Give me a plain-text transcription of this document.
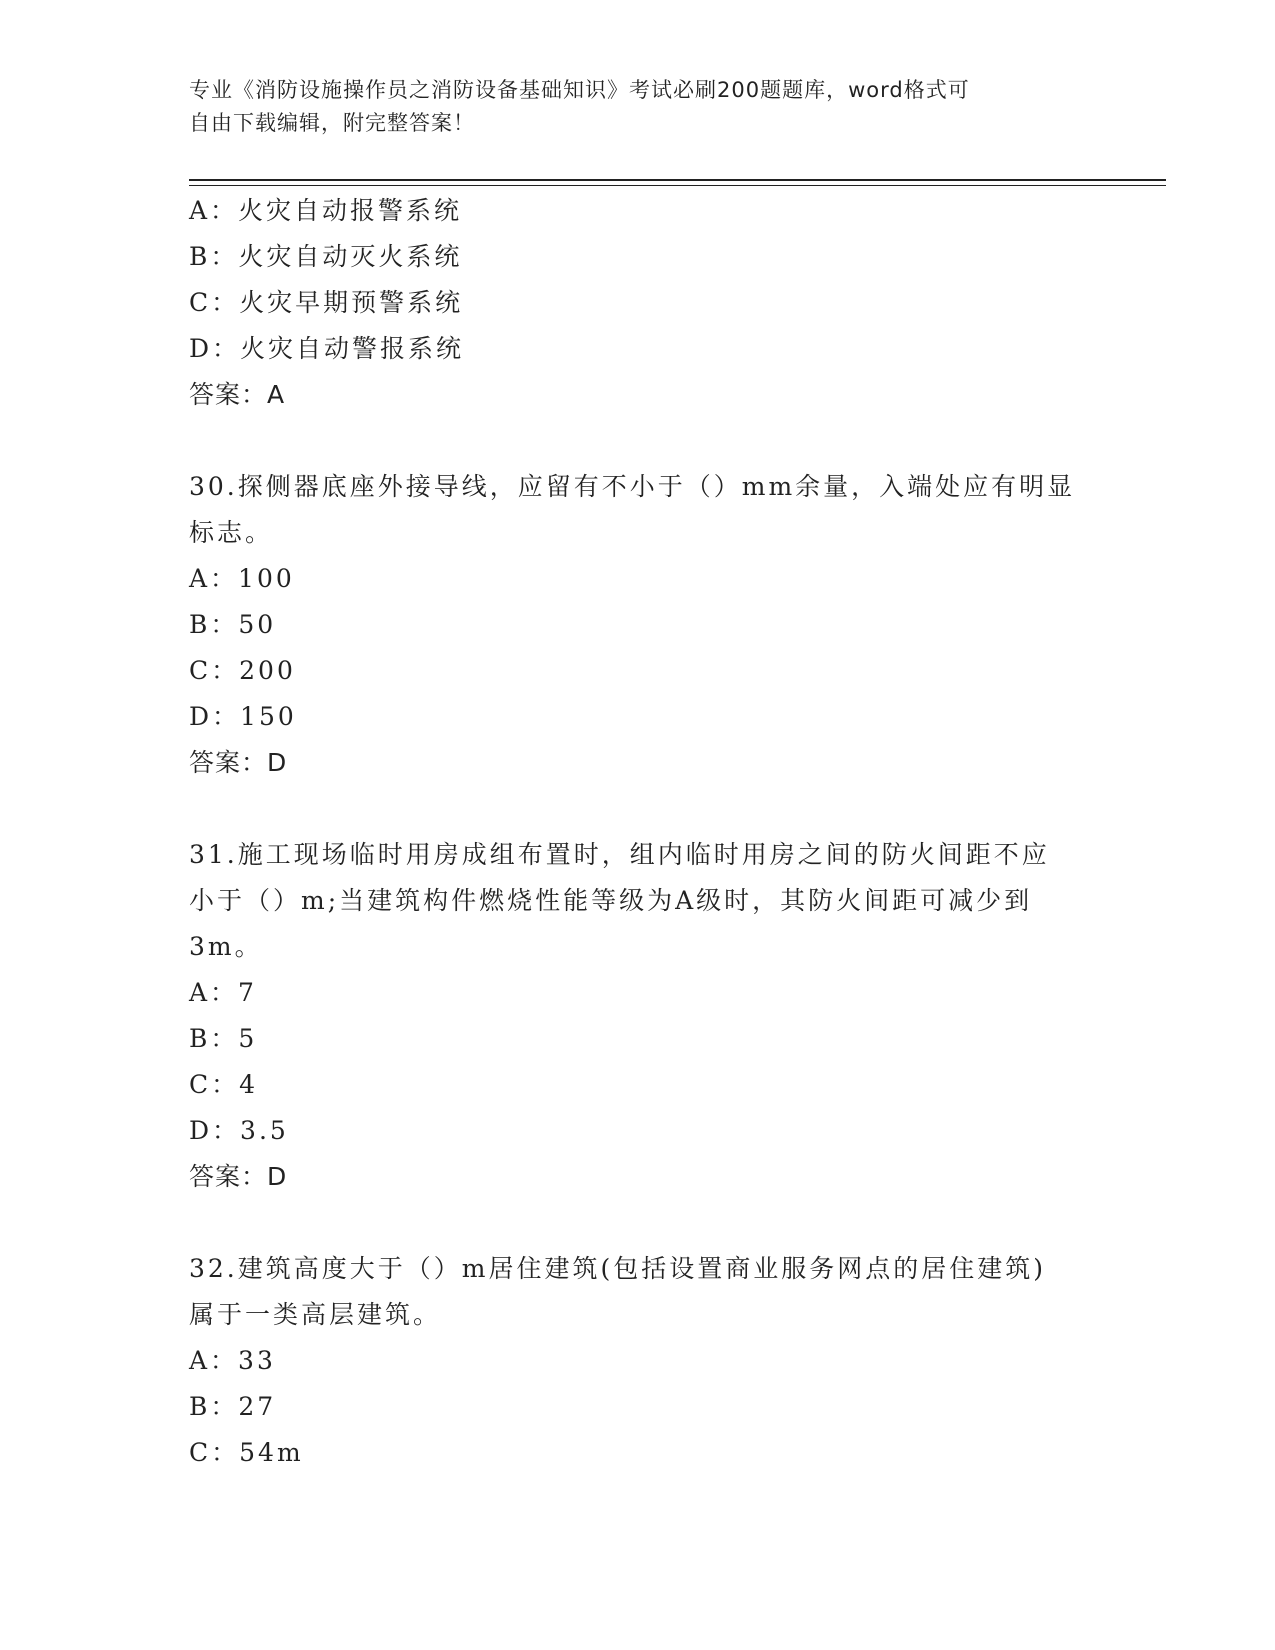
专业《消防设施操作员之消防设备基础知识》考试必刷200题题库，word格式可
自由下载编辑，附完整答案！
A：火灾自动报警系统
B：火灾自动灭火系统
C：火灾早期预警系统
D：火灾自动警报系统
答案：A
30.探侧器底座外接导线，应留有不小于（）mm余量，入端处应有明显
标志。
A：100
B：50
C：200
D：150
答案：D
31.施工现场临时用房成组布置时，组内临时用房之间的防火间距不应
小于（）m;当建筑构件燃烧性能等级为A级时，其防火间距可减少到
3m。
A：7
B：5
C：4
D：3.5
答案：D
32.建筑高度大于（）m居住建筑(包括设置商业服务网点的居住建筑)
属于一类高层建筑。
A：33
B：27
C：54m
